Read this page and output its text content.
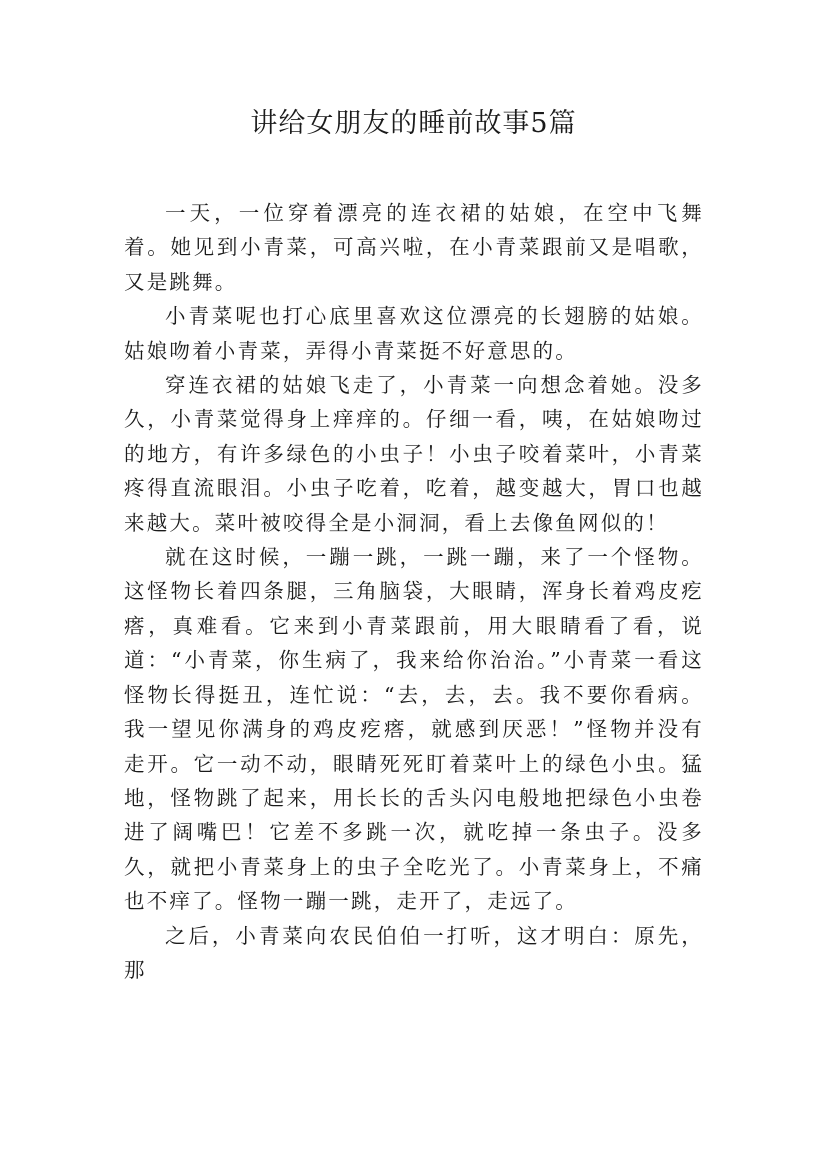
讲给女朋友的睡前故事5篇

一天，一位穿着漂亮的连衣裙的姑娘，在空中飞舞着。她见到小青菜，可高兴啦，在小青菜跟前又是唱歌，又是跳舞。

小青菜呢也打心底里喜欢这位漂亮的长翅膀的姑娘。姑娘吻着小青菜，弄得小青菜挺不好意思的。

穿连衣裙的姑娘飞走了，小青菜一向想念着她。没多久，小青菜觉得身上痒痒的。仔细一看，咦，在姑娘吻过的地方，有许多绿色的小虫子！小虫子咬着菜叶，小青菜疼得直流眼泪。小虫子吃着，吃着，越变越大，胃口也越来越大。菜叶被咬得全是小洞洞，看上去像鱼网似的！

就在这时候，一蹦一跳，一跳一蹦，来了一个怪物。这怪物长着四条腿，三角脑袋，大眼睛，浑身长着鸡皮疙瘩，真难看。它来到小青菜跟前，用大眼睛看了看，说道：“小青菜，你生病了，我来给你治治。”小青菜一看这怪物长得挺丑，连忙说：“去，去，去。我不要你看病。我一望见你满身的鸡皮疙瘩，就感到厌恶！”怪物并没有走开。它一动不动，眼睛死死盯着菜叶上的绿色小虫。猛地，怪物跳了起来，用长长的舌头闪电般地把绿色小虫卷进了阔嘴巴！它差不多跳一次，就吃掉一条虫子。没多久，就把小青菜身上的虫子全吃光了。小青菜身上，不痛也不痒了。怪物一蹦一跳，走开了，走远了。

之后，小青菜向农民伯伯一打听，这才明白：原先，那
